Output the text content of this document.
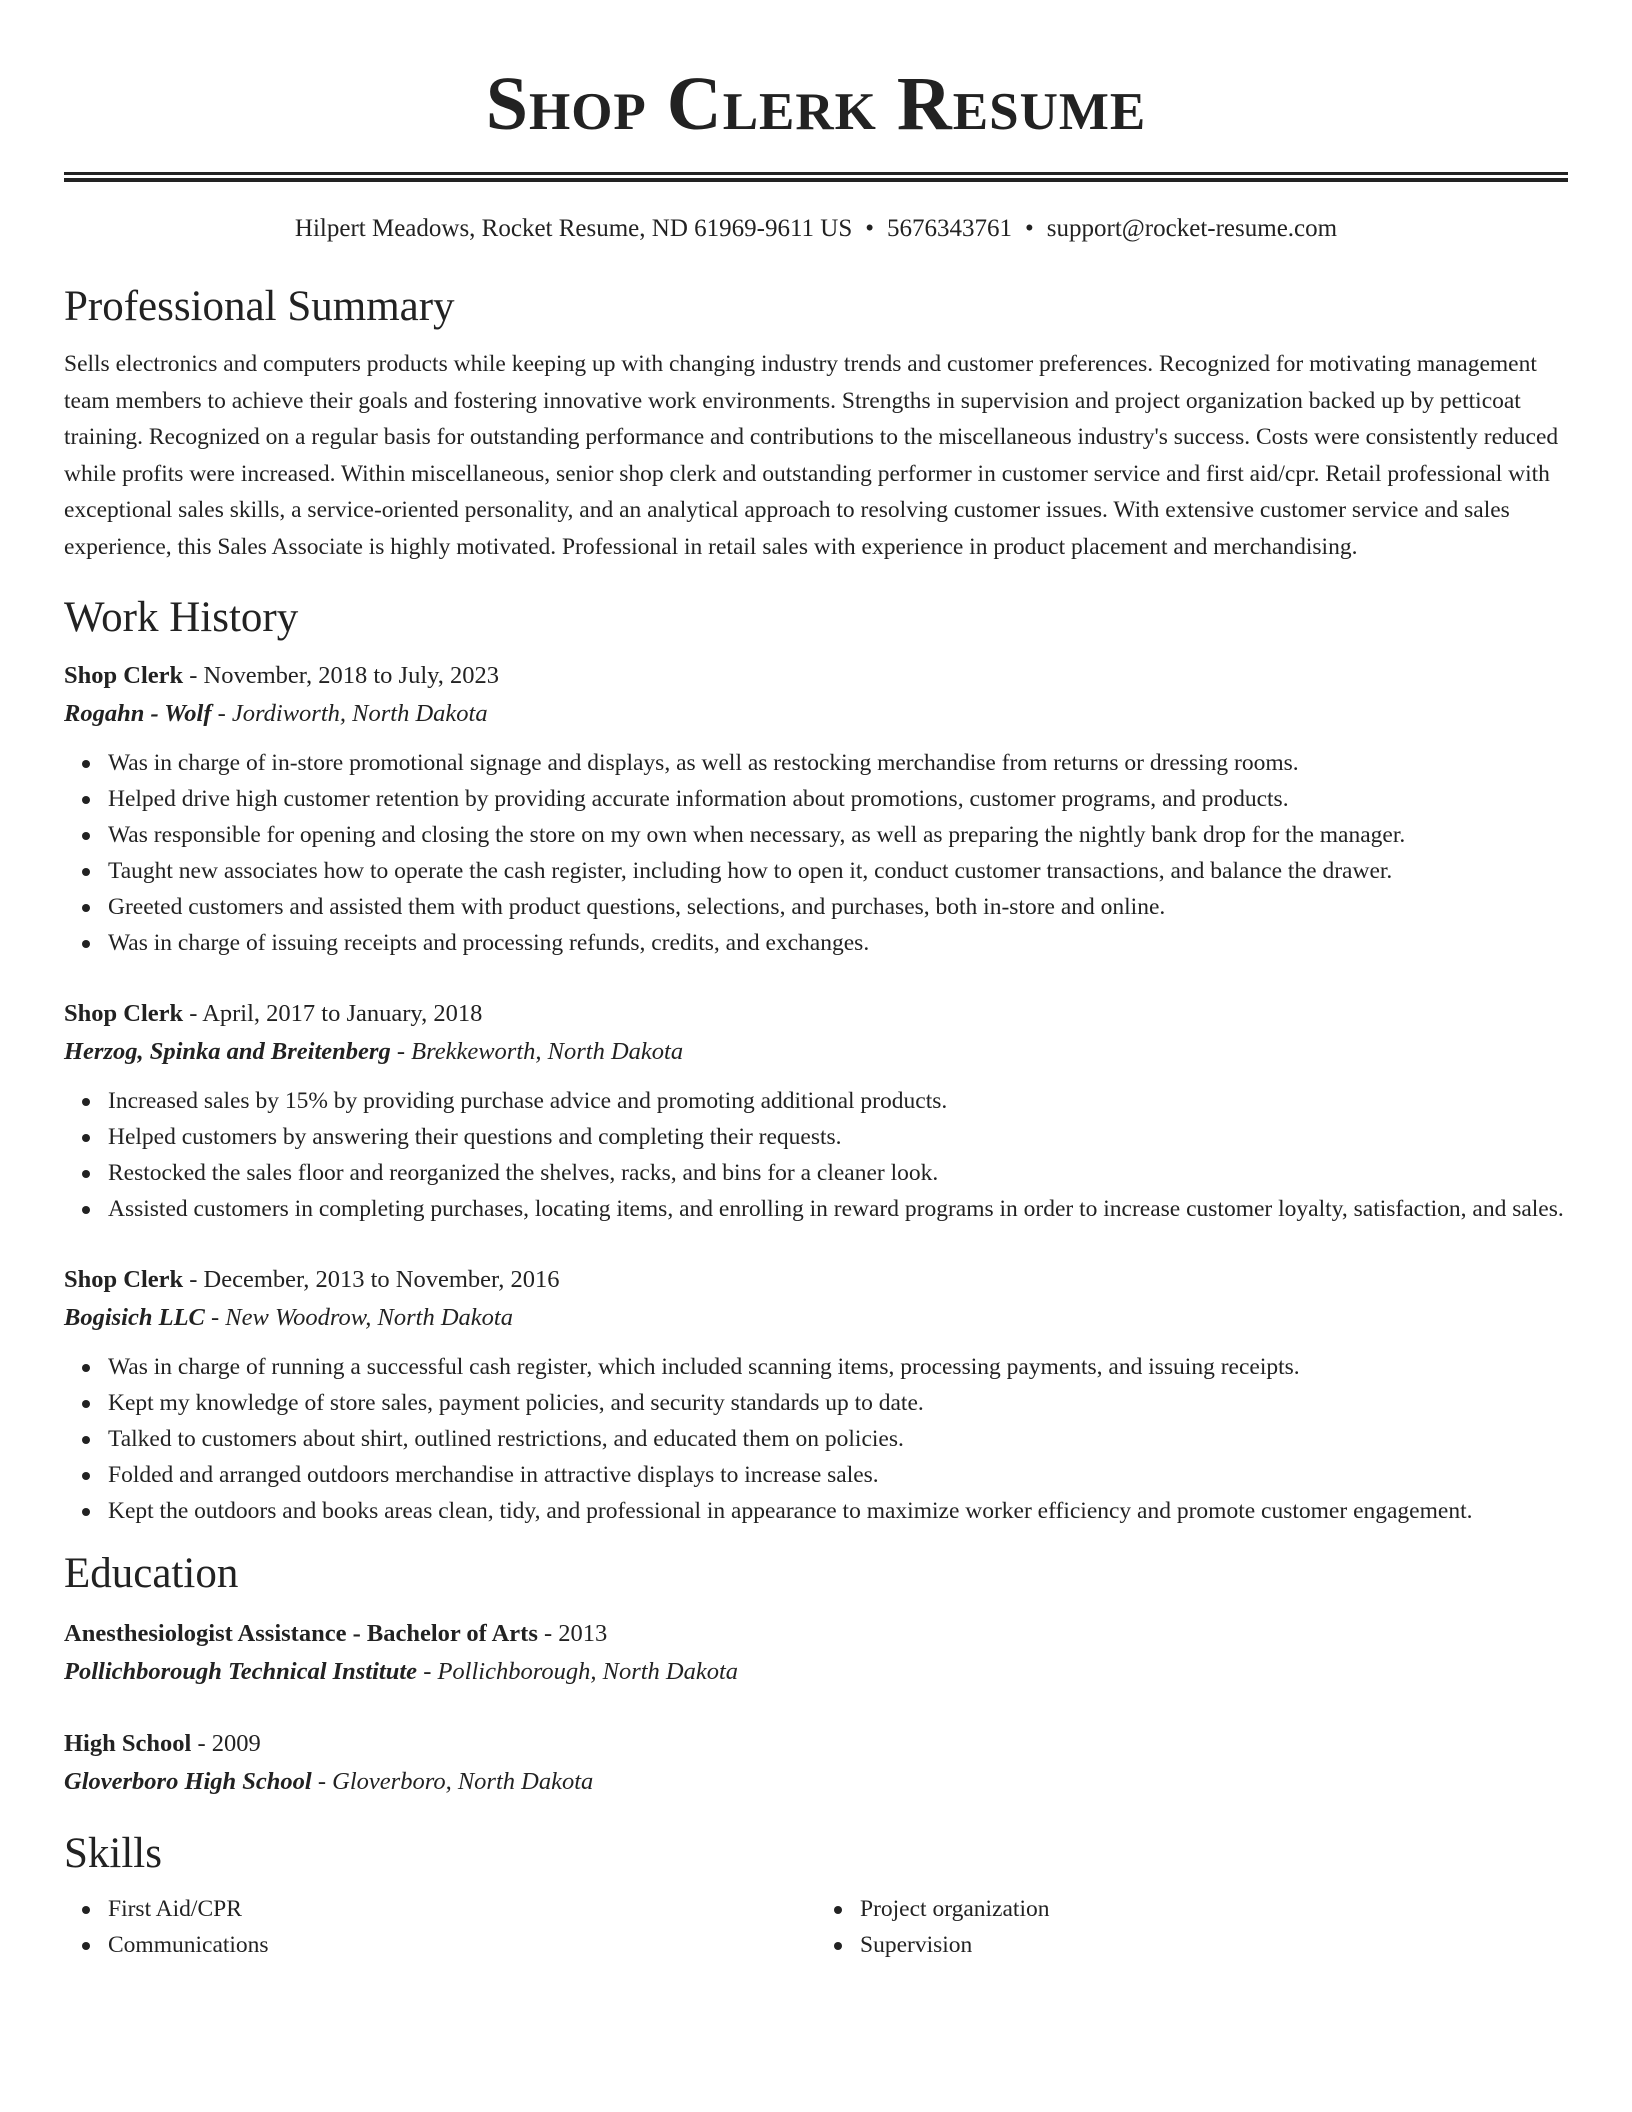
Shop Clerk Resume
Hilpert Meadows, Rocket Resume, ND 61969-9611 US • 5676343761 • support@rocket-resume.com
Professional Summary

Sells electronics and computers products while keeping up with changing industry trends and customer preferences. Recognized for motivating management team members to achieve their goals and fostering innovative work environments. Strengths in supervision and project organization backed up by petticoat training. Recognized on a regular basis for outstanding performance and contributions to the miscellaneous industry's success. Costs were consistently reduced while profits were increased. Within miscellaneous, senior shop clerk and outstanding performer in customer service and first aid/cpr. Retail professional with exceptional sales skills, a service-oriented personality, and an analytical approach to resolving customer issues. With extensive customer service and sales experience, this Sales Associate is highly motivated. Professional in retail sales with experience in product placement and merchandising.

Work History
Shop Clerk - November, 2018 to July, 2023
Rogahn - Wolf - Jordiworth, North Dakota
Was in charge of in-store promotional signage and displays, as well as restocking merchandise from returns or dressing rooms.
Helped drive high customer retention by providing accurate information about promotions, customer programs, and products.
Was responsible for opening and closing the store on my own when necessary, as well as preparing the nightly bank drop for the manager.
Taught new associates how to operate the cash register, including how to open it, conduct customer transactions, and balance the drawer.
Greeted customers and assisted them with product questions, selections, and purchases, both in-store and online.
Was in charge of issuing receipts and processing refunds, credits, and exchanges.
Shop Clerk - April, 2017 to January, 2018
Herzog, Spinka and Breitenberg - Brekkeworth, North Dakota
Increased sales by 15% by providing purchase advice and promoting additional products.
Helped customers by answering their questions and completing their requests.
Restocked the sales floor and reorganized the shelves, racks, and bins for a cleaner look.
Assisted customers in completing purchases, locating items, and enrolling in reward programs in order to increase customer loyalty, satisfaction, and sales.
Shop Clerk - December, 2013 to November, 2016
Bogisich LLC - New Woodrow, North Dakota
Was in charge of running a successful cash register, which included scanning items, processing payments, and issuing receipts.
Kept my knowledge of store sales, payment policies, and security standards up to date.
Talked to customers about shirt, outlined restrictions, and educated them on policies.
Folded and arranged outdoors merchandise in attractive displays to increase sales.
Kept the outdoors and books areas clean, tidy, and professional in appearance to maximize worker efficiency and promote customer engagement.
Education
Anesthesiologist Assistance - Bachelor of Arts - 2013
Pollichborough Technical Institute - Pollichborough, North Dakota
High School - 2009
Gloverboro High School - Gloverboro, North Dakota
Skills
First Aid/CPR
Communications
Project organization
Supervision
